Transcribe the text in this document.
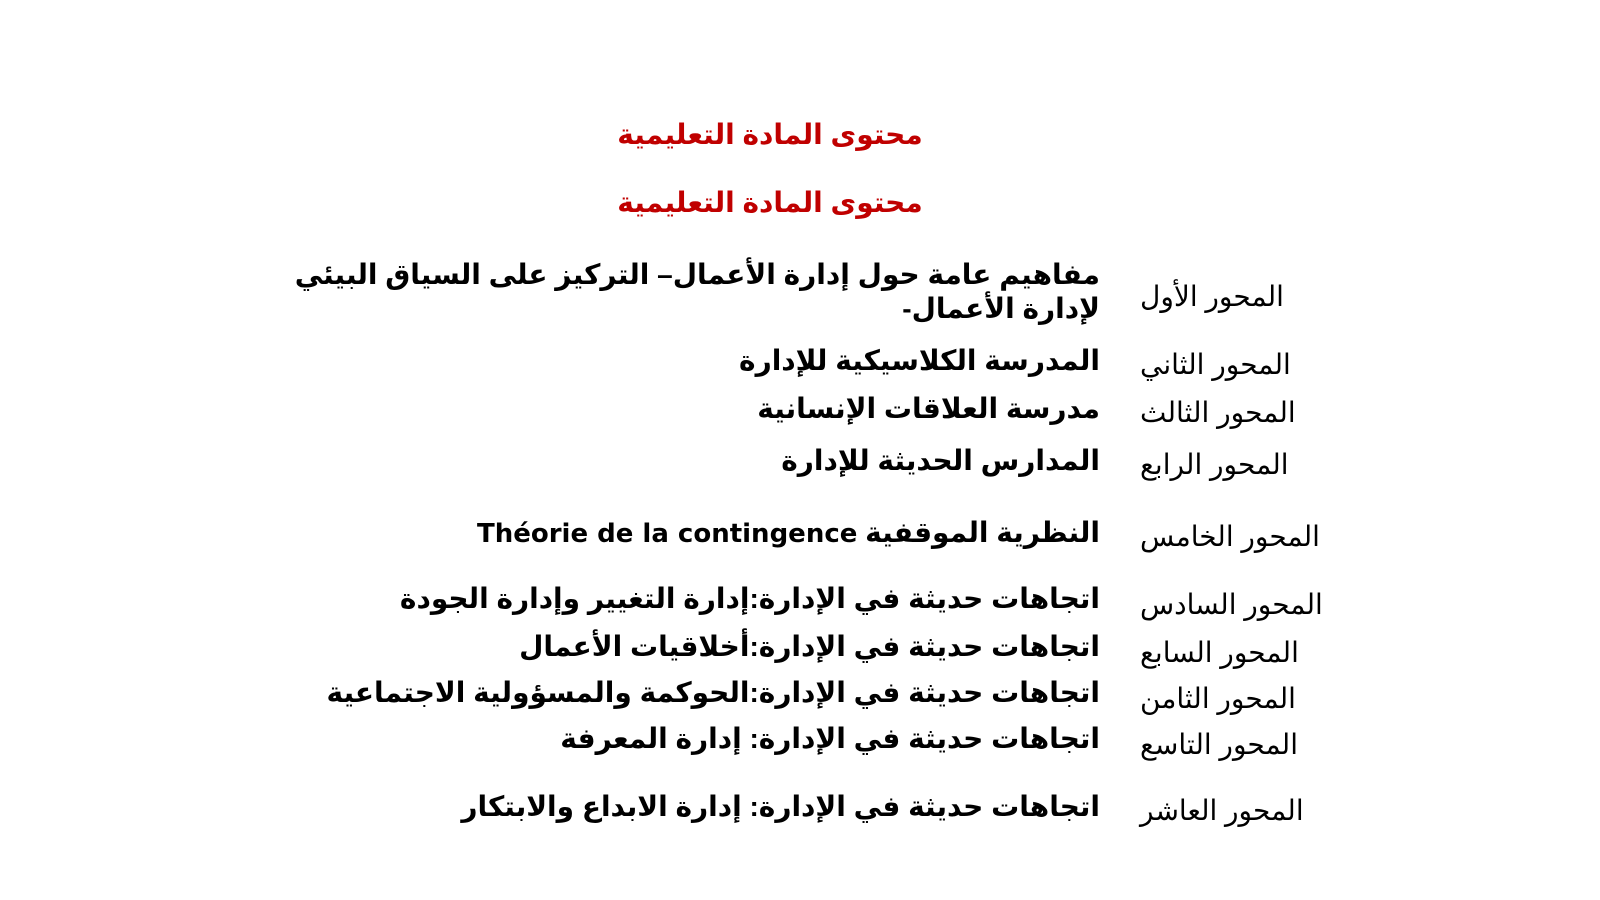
محتوى المادة التعليمية
محتوى المادة التعليمية
المحور الأول
مفاهيم عامة حول إدارة الأعمال– التركيز على السياق البيئي لإدارة الأعمال-
المحور الثاني
المدرسة الكلاسيكية للإدارة
المحور الثالث
مدرسة العلاقات الإنسانية
المحور الرابع
المدارس الحديثة للإدارة
المحور الخامس
النظرية الموقفية Théorie de la contingence
المحور السادس
اتجاهات حديثة في الإدارة:إدارة التغيير وإدارة الجودة
المحور السابع
اتجاهات حديثة في الإدارة:أخلاقيات الأعمال
المحور الثامن
اتجاهات حديثة في الإدارة:الحوكمة والمسؤولية الاجتماعية
المحور التاسع
اتجاهات حديثة في الإدارة: إدارة المعرفة
المحور العاشر
اتجاهات حديثة في الإدارة: إدارة الابداع والابتكار
